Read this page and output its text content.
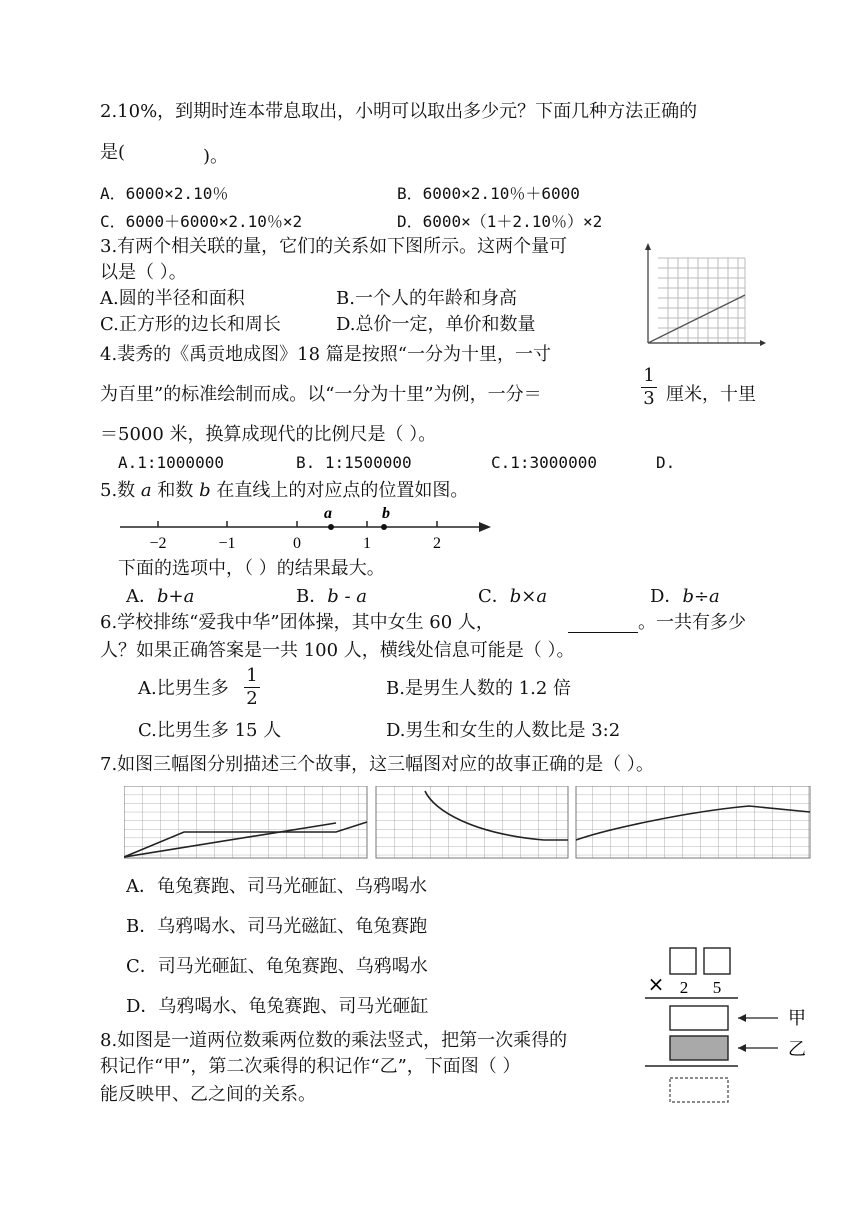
2.10%，到期时连本带息取出，小明可以取出多少元？下面几种方法正确的
是(	)。
A．6000×2.10％	B．6000×2.10％＋6000
C．6000＋6000×2.10％×2	D．6000×（1＋2.10％）×2
3.有两个相关联的量，它们的关系如下图所示。这两个量可
以是（ ）。
A.圆的半径和面积	B.一个人的年龄和身高
C.正方形的边长和周长	D.总价一定，单价和数量
4.裴秀的《禹贡地成图》18 篇是按照“一分为十里，一寸
为百里”的标准绘制而成。以“一分为十里”为例，一分＝
1
3 厘米，十里
＝5000 米，换算成现代的比例尺是（ ）。
A.1:1000000	B. 1:1500000	C.1:3000000	D.
5.数 a 和数 b 在直线上的对应点的位置如图。
a	b
−2	−1	0	1	2
下面的选项中，（ ）的结果最大。
A．b+a	B．b - a	C．b×a	D．b÷a
6.学校排练“爱我中华”团体操，其中女生 60 人，	。一共有多少
人？如果正确答案是一共 100 人，横线处信息可能是（ ）。
A.比男生多
1
2	B.是男生人数的 1.2 倍
C.比男生多 15 人	D.男生和女生的人数比是 3:2
7.如图三幅图分别描述三个故事，这三幅图对应的故事正确的是（ ）。
A．龟兔赛跑、司马光砸缸、乌鸦喝水
B．乌鸦喝水、司马光磁缸、龟兔赛跑
C．司马光砸缸、龟兔赛跑、乌鸦喝水
D．乌鸦喝水、龟兔赛跑、司马光砸缸
8.如图是一道两位数乘两位数的乘法竖式，把第一次乘得的
积记作“甲”，第二次乘得的积记作“乙”，下面图（ ）
能反映甲、乙之间的关系。
× 2 5
甲
乙
